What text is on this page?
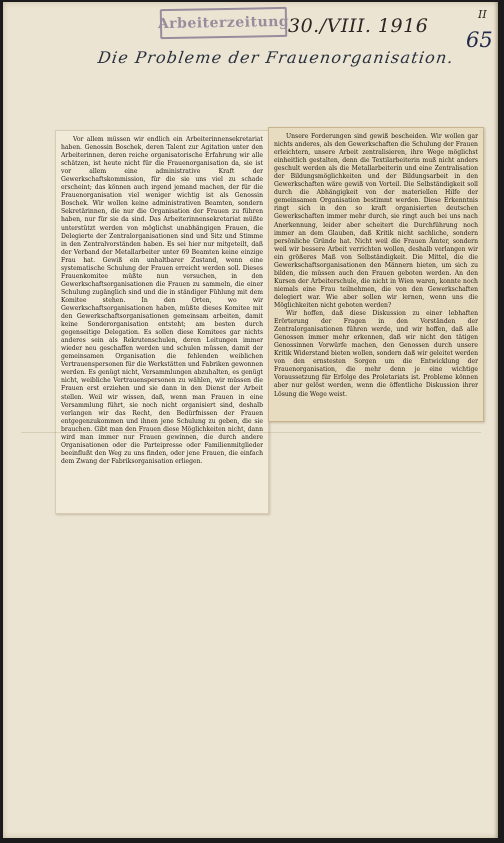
Arbeiterzeitung
30./VIII. 1916
II
65
Die Probleme der Frauenorganisation.

Vor allem müssen wir endlich ein Arbeiterinnensekretariat haben. Genossin Boschek, deren Talent zur Agitation unter den Arbeiterinnen, deren reiche organisatorische Erfahrung wir alle schätzen, ist heute nicht für die Frauenorganisation da, sie ist vor allem eine administrative Kraft der Gewerkschaftskommission, für die sie uns viel zu schade erscheint; das können auch irgend jemand machen, der für die Frauenorganisation viel weniger wichtig ist als Genossin Boschek. Wir wollen keine administrativen Beamten, sondern Sekretärinnen, die nur die Organisation der Frauen zu führen haben, nur für sie da sind. Das Arbeiterinnensekretariat müßte unterstützt werden von möglichst unabhängigen Frauen, die Delegierte der Zentralorganisationen sind und Sitz und Stimme in den Zentralvorständen haben. Es sei hier nur mitgeteilt, daß der Verband der Metallarbeiter unter 69 Beamten keine einzige Frau hat. Gewiß ein unhaltbarer Zustand, wenn eine systematische Schulung der Frauen erreicht werden soll. Dieses Frauenkomitee müßte nun versuchen, in den Gewerkschaftsorganisationen die Frauen zu sammeln, die einer Schulung zugänglich sind und die in ständiger Fühlung mit dem Komitee stehen. In den Orten, wo wir Gewerkschaftsorganisationen haben, müßte dieses Komitee mit den Gewerkschaftsorganisationen gemeinsam arbeiten, damit keine Sonderorganisation entsteht; am besten durch gegenseitige Delegation. Es sollen diese Komitees gar nichts anderes sein als Rekrutenschulen, deren Leitungen immer wieder neu geschaffen werden und schulen müssen, damit der gemeinsamen Organisation die fehlenden weiblichen Vertrauenspersonen für die Werkstätten und Fabriken gewonnen werden. Es genügt nicht, Versammlungen abzuhalten, es genügt nicht, weibliche Vertrauenspersonen zu wählen, wir müssen die Frauen erst erziehen und sie dann in den Dienst der Arbeit stellen. Weil wir wissen, daß, wenn man Frauen in eine Versammlung führt, sie noch nicht organisiert sind, deshalb verlangen wir das Recht, den Bedürfnissen der Frauen entgegenzukommen und ihnen jene Schulung zu geben, die sie brauchen. Gibt man den Frauen diese Möglichkeiten nicht, dann wird man immer nur Frauen gewinnen, die durch andere Organisationen oder die Parteipresse oder Familienmitglieder beeinflußt den Weg zu uns finden, oder jene Frauen, die einfach dem Zwang der Fabriksorganisation erliegen.

Unsere Forderungen sind gewiß bescheiden. Wir wollen gar nichts anderes, als den Gewerkschaften die Schulung der Frauen erleichtern, unsere Arbeit zentralisieren, ihre Wege möglichst einheitlich gestalten, denn die Textilarbeiterin muß nicht anders geschult werden als die Metallarbeiterin und eine Zentralisation der Bildungsmöglichkeiten und der Bildungsarbeit in den Gewerkschaften wäre gewiß von Vorteil. Die Selbständigkeit soll durch die Abhängigkeit von der materiellen Hilfe der gemeinsamen Organisation bestimmt werden. Diese Erkenntnis ringt sich in den so kraft organisierten deutschen Gewerkschaften immer mehr durch, sie ringt auch bei uns nach Anerkennung, leider aber scheitert die Durchführung noch immer an dem Glauben, daß Kritik nicht sachliche, sondern persönliche Gründe hat. Nicht weil die Frauen Ämter, sondern weil wir bessere Arbeit verrichten wollen, deshalb verlangen wir ein größeres Maß von Selbständigkeit. Die Mittel, die die Gewerkschaftsorganisationen den Männern bieten, um sich zu bilden, die müssen auch den Frauen geboten werden. An den Kursen der Arbeiterschule, die nicht in Wien waren, konnte noch niemals eine Frau teilnehmen, die von den Gewerkschaften delegiert war. Wie aber sollen wir lernen, wenn uns die Möglichkeiten nicht geboten werden?

Wir hoffen, daß diese Diskussion zu einer lebhaften Erörterung der Fragen in den Vorständen der Zentralorganisationen führen werde, und wir hoffen, daß alle Genossen immer mehr erkennen, daß wir nicht den tätigen Genossinnen Vorwürfe machen, den Genossen durch unsere Kritik Widerstand bieten wollen, sondern daß wir geleitet werden von den ernstesten Sorgen um die Entwicklung der Frauenorganisation, die mehr denn je eine wichtige Voraussetzung für Erfolge des Proletariats ist. Probleme können aber nur gelöst werden, wenn die öffentliche Diskussion ihrer Lösung die Wege weist.
